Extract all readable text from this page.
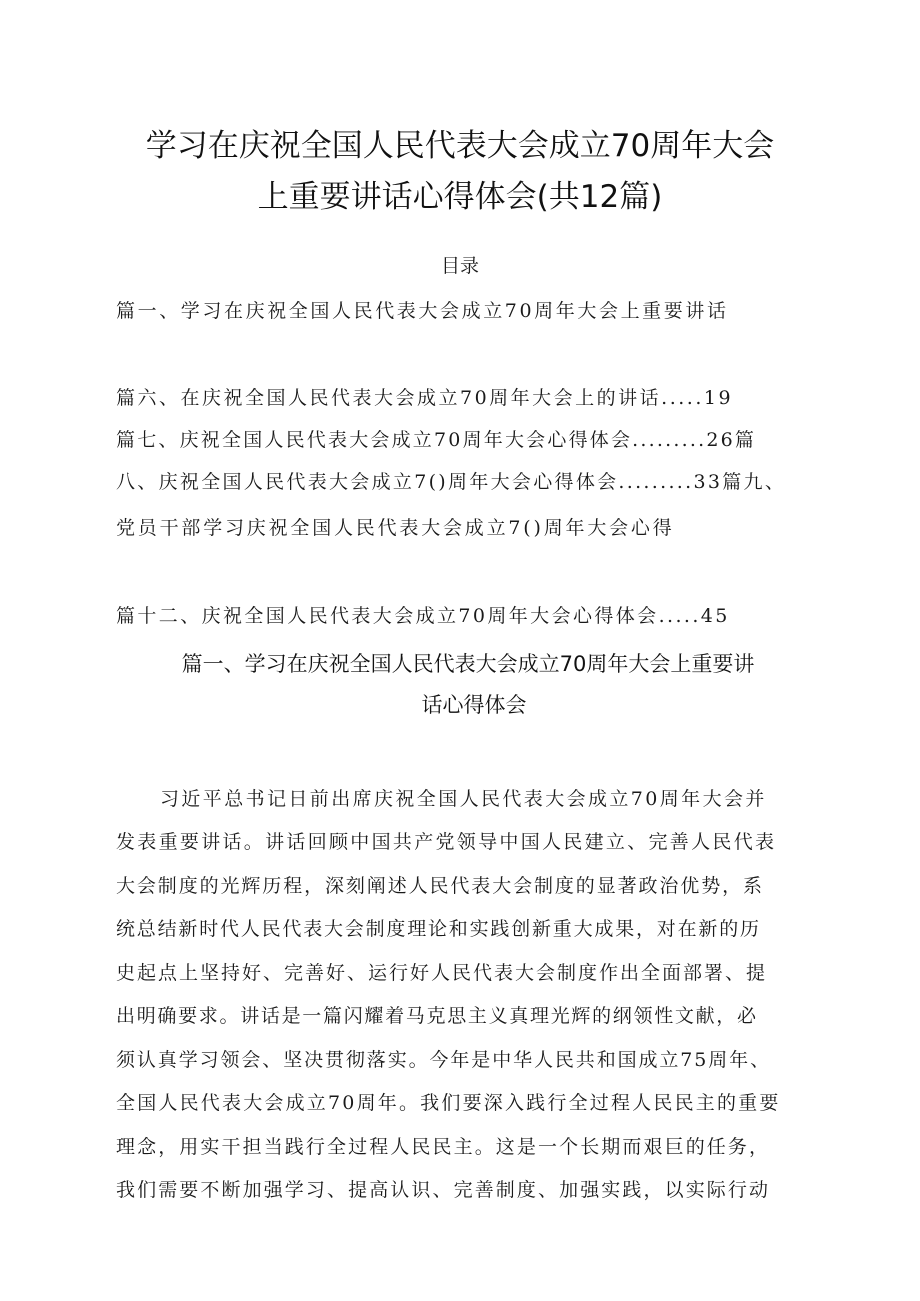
学习在庆祝全国人民代表大会成立70周年大会
上重要讲话心得体会(共12篇)
目录
篇一、学习在庆祝全国人民代表大会成立70周年大会上重要讲话
篇六、在庆祝全国人民代表大会成立70周年大会上的讲话.....19
篇七、庆祝全国人民代表大会成立70周年大会心得体会.........26篇
八、庆祝全国人民代表大会成立7()周年大会心得体会.........33篇九、
党员干部学习庆祝全国人民代表大会成立7()周年大会心得
篇十二、庆祝全国人民代表大会成立70周年大会心得体会.....45
篇一、学习在庆祝全国人民代表大会成立70周年大会上重要讲
话心得体会
习近平总书记日前出席庆祝全国人民代表大会成立70周年大会并
发表重要讲话。讲话回顾中国共产党领导中国人民建立、完善人民代表
大会制度的光辉历程，深刻阐述人民代表大会制度的显著政治优势，系
统总结新时代人民代表大会制度理论和实践创新重大成果，对在新的历
史起点上坚持好、完善好、运行好人民代表大会制度作出全面部署、提
出明确要求。讲话是一篇闪耀着马克思主义真理光辉的纲领性文献，必
须认真学习领会、坚决贯彻落实。今年是中华人民共和国成立75周年、
全国人民代表大会成立70周年。我们要深入践行全过程人民民主的重要
理念，用实干担当践行全过程人民民主。这是一个长期而艰巨的任务，
我们需要不断加强学习、提高认识、完善制度、加强实践，以实际行动
